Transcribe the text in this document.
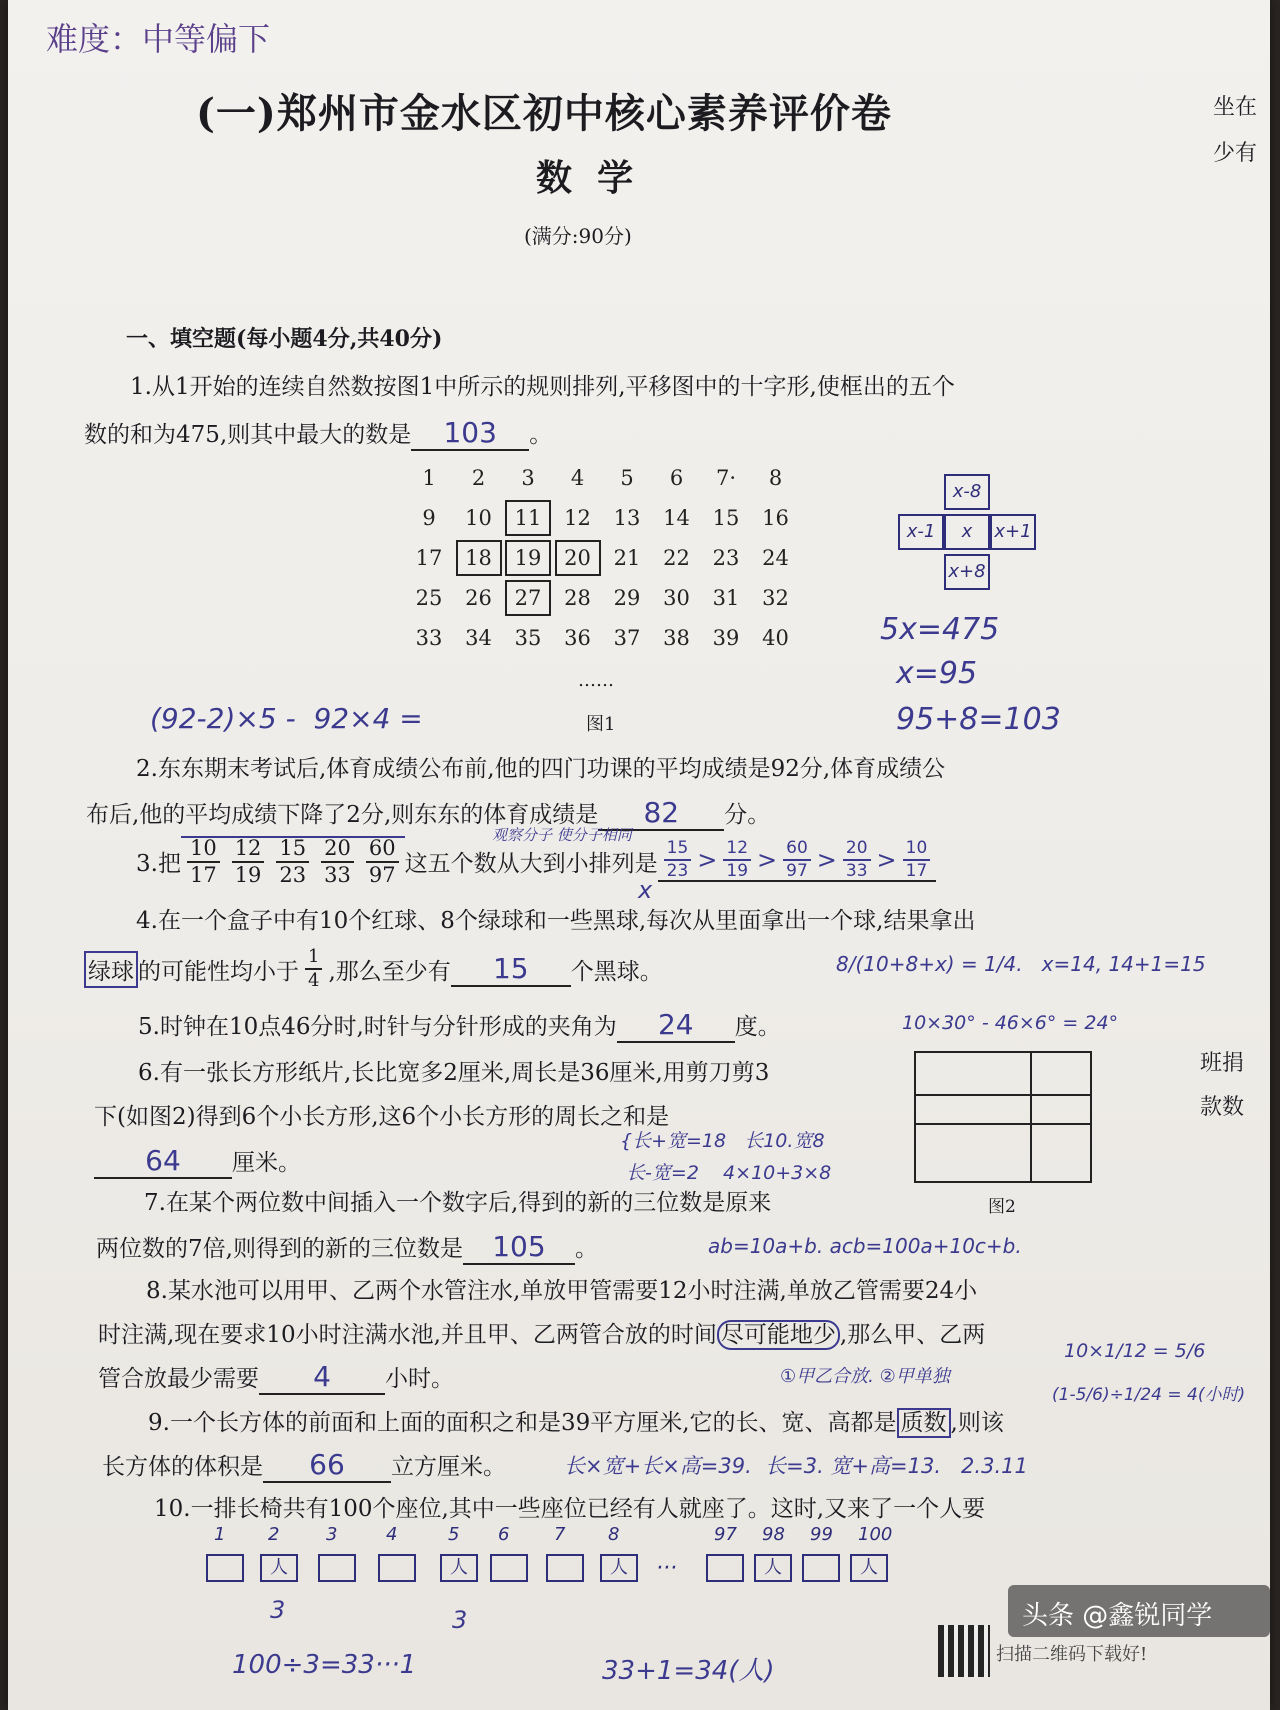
难度：中等偏下
(一)郑州市金水区初中核心素养评价卷
数  学
(满分:90分)
坐在
少有
班捐
款数
一、填空题(每小题4分,共40分)
1.从1开始的连续自然数按图1中所示的规则排列,平移图中的十字形,使框出的五个
数的和为475,则其中最大的数是 103 。
1	2	3	4	5	6	7·	8
9	10	11	12	13	14	15	16
17	18	19	20	21	22	23	24
25	26	27	28	29	30	31	32
33	34	35	36	37	38	39	40
……
图1
x-8
x-1	x	x+1
x+8
5x=475
x=95
95+8=103
(92-2)×5 -  92×4 =
2.东东期末考试后,体育成绩公布前,他的四门功课的平均成绩是92分,体育成绩公
布后,他的平均成绩下降了2分,则东东的体育成绩是 82 分。
3.把 $\frac{10}{17} \frac{12}{19} \frac{15}{23} \frac{20}{33} \frac{60}{97}$ 这五个数从大到小排列是 $\frac{15}{23} > \frac{12}{19} > \frac{60}{97} > \frac{20}{33} > \frac{10}{17}$
观察分子 使分子相同
x
4.在一个盒子中有10个红球、8个绿球和一些黑球,每次从里面拿出一个球,结果拿出
绿球 的可能性均小于 $\frac{1}{4}$ ,那么至少有	15	个黑球。	8/(10+8+x) = 1/4.   x=14, 14+1=15
5.时钟在10点46分时,时针与分针形成的夹角为 24 度。	10×30° - 46×6° = 24°
6.有一张长方形纸片,长比宽多2厘米,周长是36厘米,用剪刀剪3
下(如图2)得到6个小长方形,这6个小长方形的周长之和是
64 厘米。
{长+宽=18   长10.宽8
长-宽=2    4×10+3×8
图2
7.在某个两位数中间插入一个数字后,得到的新的三位数是原来
两位数的7倍,则得到的新的三位数是 105 。	ab=10a+b. acb=100a+10c+b.
8.某水池可以用甲、乙两个水管注水,单放甲管需要12小时注满,单放乙管需要24小
时注满,现在要求10小时注满水池,并且甲、乙两管合放的时间 尽可能地少 ,那么甲、乙两
管合放最少需要 4 小时。	①甲乙合放. ②甲单独
10×1/12 = 5/6
(1-5/6)÷1/24 = 4(小时)
9.一个长方体的前面和上面的面积之和是39平方厘米,它的长、宽、高都是 质数 ,则该
长方体的体积是 66 立方厘米。	长×宽+长×高=39.  长=3. 宽+高=13.   2.3.11
10.一排长椅共有100个座位,其中一些座位已经有人就座了。这时,又来了一个人要
1 2
人
3	4	5
人
6 7 8
人
97 98
人
99 100
人
···
3	3
100÷3=33···1	33+1=34(人)
扫描二维码下载好!
头条 @鑫锐同学
